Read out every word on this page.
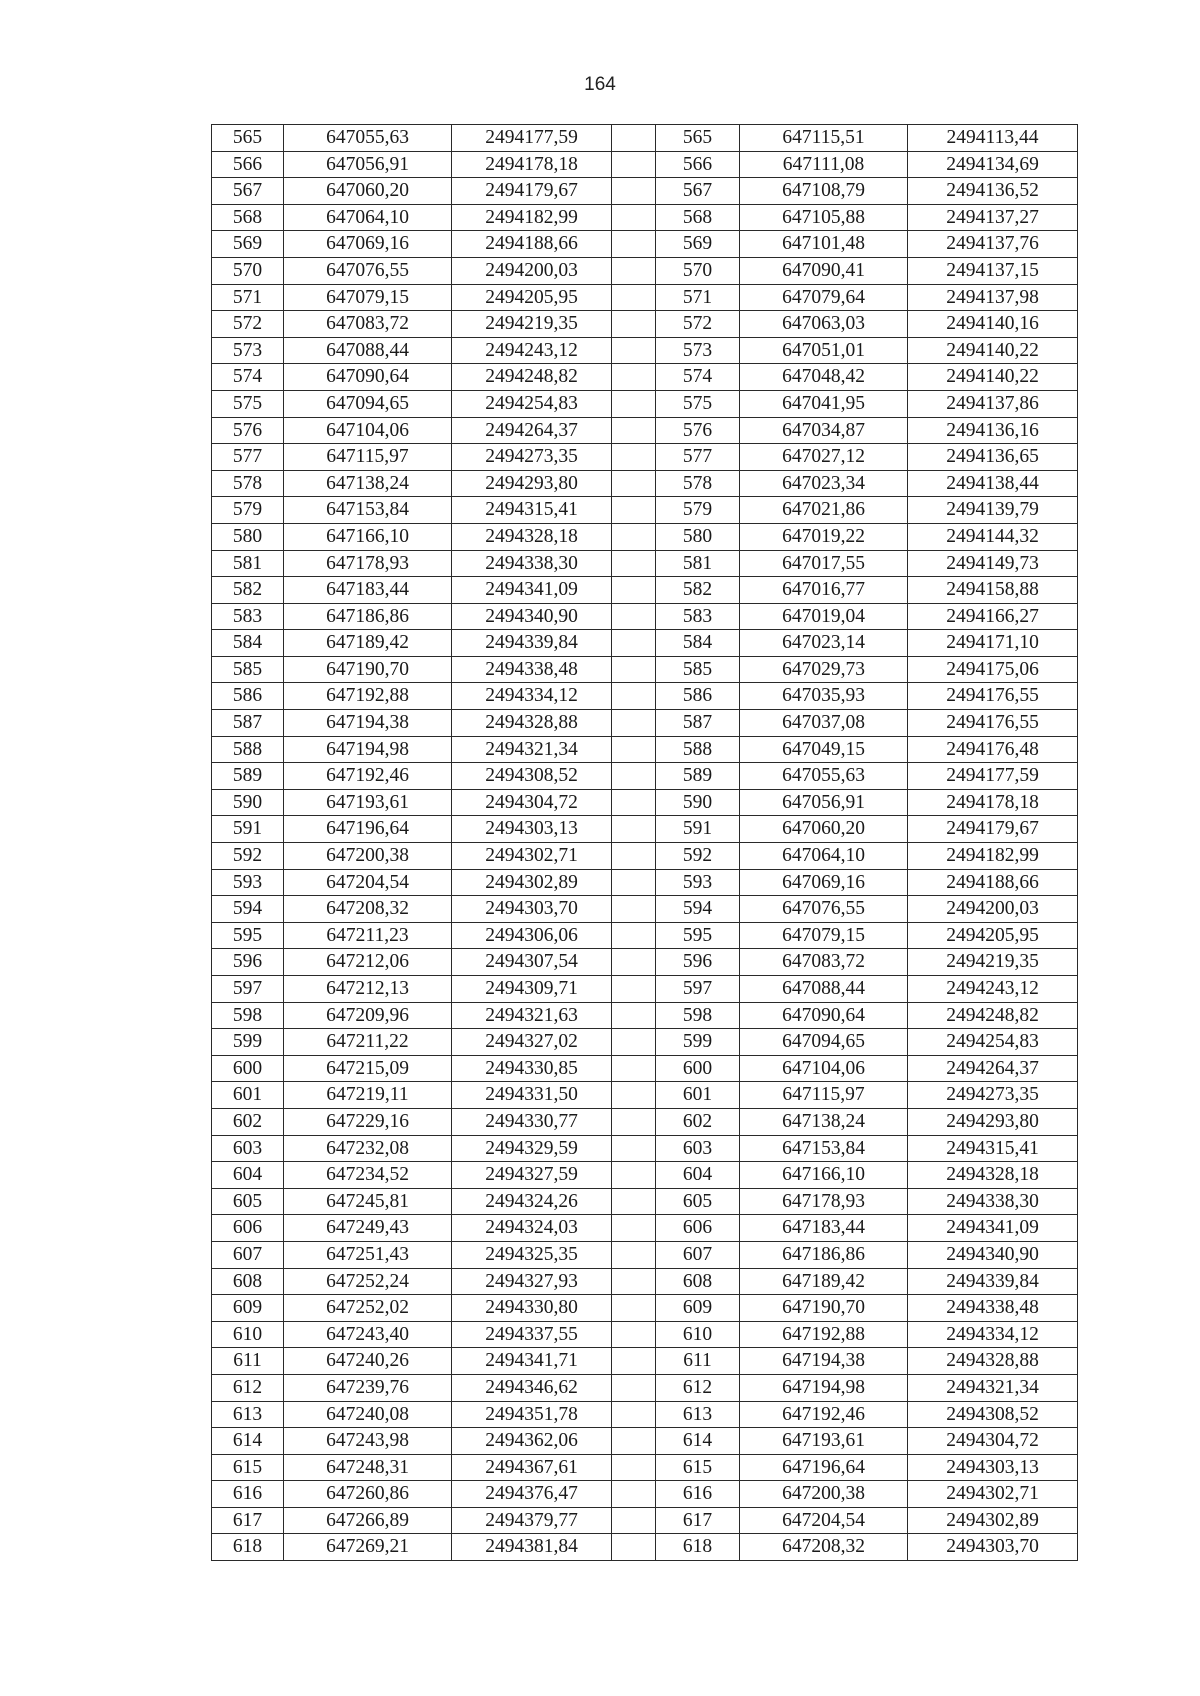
164
565	647055,63	2494177,59		565	647115,51	2494113,44
566	647056,91	2494178,18		566	647111,08	2494134,69
567	647060,20	2494179,67		567	647108,79	2494136,52
568	647064,10	2494182,99		568	647105,88	2494137,27
569	647069,16	2494188,66		569	647101,48	2494137,76
570	647076,55	2494200,03		570	647090,41	2494137,15
571	647079,15	2494205,95		571	647079,64	2494137,98
572	647083,72	2494219,35		572	647063,03	2494140,16
573	647088,44	2494243,12		573	647051,01	2494140,22
574	647090,64	2494248,82		574	647048,42	2494140,22
575	647094,65	2494254,83		575	647041,95	2494137,86
576	647104,06	2494264,37		576	647034,87	2494136,16
577	647115,97	2494273,35		577	647027,12	2494136,65
578	647138,24	2494293,80		578	647023,34	2494138,44
579	647153,84	2494315,41		579	647021,86	2494139,79
580	647166,10	2494328,18		580	647019,22	2494144,32
581	647178,93	2494338,30		581	647017,55	2494149,73
582	647183,44	2494341,09		582	647016,77	2494158,88
583	647186,86	2494340,90		583	647019,04	2494166,27
584	647189,42	2494339,84		584	647023,14	2494171,10
585	647190,70	2494338,48		585	647029,73	2494175,06
586	647192,88	2494334,12		586	647035,93	2494176,55
587	647194,38	2494328,88		587	647037,08	2494176,55
588	647194,98	2494321,34		588	647049,15	2494176,48
589	647192,46	2494308,52		589	647055,63	2494177,59
590	647193,61	2494304,72		590	647056,91	2494178,18
591	647196,64	2494303,13		591	647060,20	2494179,67
592	647200,38	2494302,71		592	647064,10	2494182,99
593	647204,54	2494302,89		593	647069,16	2494188,66
594	647208,32	2494303,70		594	647076,55	2494200,03
595	647211,23	2494306,06		595	647079,15	2494205,95
596	647212,06	2494307,54		596	647083,72	2494219,35
597	647212,13	2494309,71		597	647088,44	2494243,12
598	647209,96	2494321,63		598	647090,64	2494248,82
599	647211,22	2494327,02		599	647094,65	2494254,83
600	647215,09	2494330,85		600	647104,06	2494264,37
601	647219,11	2494331,50		601	647115,97	2494273,35
602	647229,16	2494330,77		602	647138,24	2494293,80
603	647232,08	2494329,59		603	647153,84	2494315,41
604	647234,52	2494327,59		604	647166,10	2494328,18
605	647245,81	2494324,26		605	647178,93	2494338,30
606	647249,43	2494324,03		606	647183,44	2494341,09
607	647251,43	2494325,35		607	647186,86	2494340,90
608	647252,24	2494327,93		608	647189,42	2494339,84
609	647252,02	2494330,80		609	647190,70	2494338,48
610	647243,40	2494337,55		610	647192,88	2494334,12
611	647240,26	2494341,71		611	647194,38	2494328,88
612	647239,76	2494346,62		612	647194,98	2494321,34
613	647240,08	2494351,78		613	647192,46	2494308,52
614	647243,98	2494362,06		614	647193,61	2494304,72
615	647248,31	2494367,61		615	647196,64	2494303,13
616	647260,86	2494376,47		616	647200,38	2494302,71
617	647266,89	2494379,77		617	647204,54	2494302,89
618	647269,21	2494381,84		618	647208,32	2494303,70
